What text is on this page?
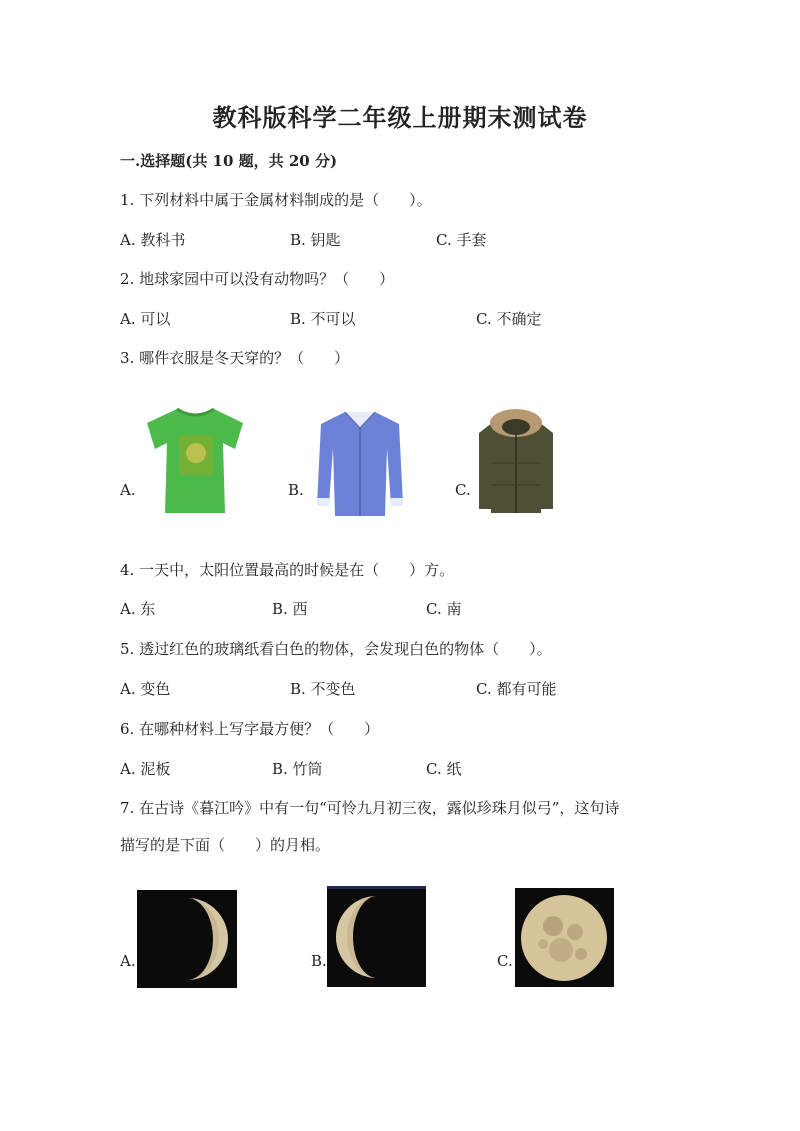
教科版科学二年级上册期末测试卷
一.选择题(共 10 题，共 20 分)
1. 下列材料中属于金属材料制成的是（　　）。
A. 教科书	B. 钥匙	C. 手套
2. 地球家园中可以没有动物吗？（　　）
A. 可以	B. 不可以	C. 不确定
3. 哪件衣服是冬天穿的？（　　）
A.	B.	C.
4. 一天中，太阳位置最高的时候是在（　　）方。
A. 东	B. 西	C. 南
5. 透过红色的玻璃纸看白色的物体，会发现白色的物体（　　）。
A. 变色	B. 不变色	C. 都有可能
6. 在哪种材料上写字最方便？（　　）
A. 泥板	B. 竹筒	C. 纸
7. 在古诗《暮江吟》中有一句“可怜九月初三夜，露似珍珠月似弓”，这句诗
描写的是下面（　　）的月相。
A.	B.	C.
